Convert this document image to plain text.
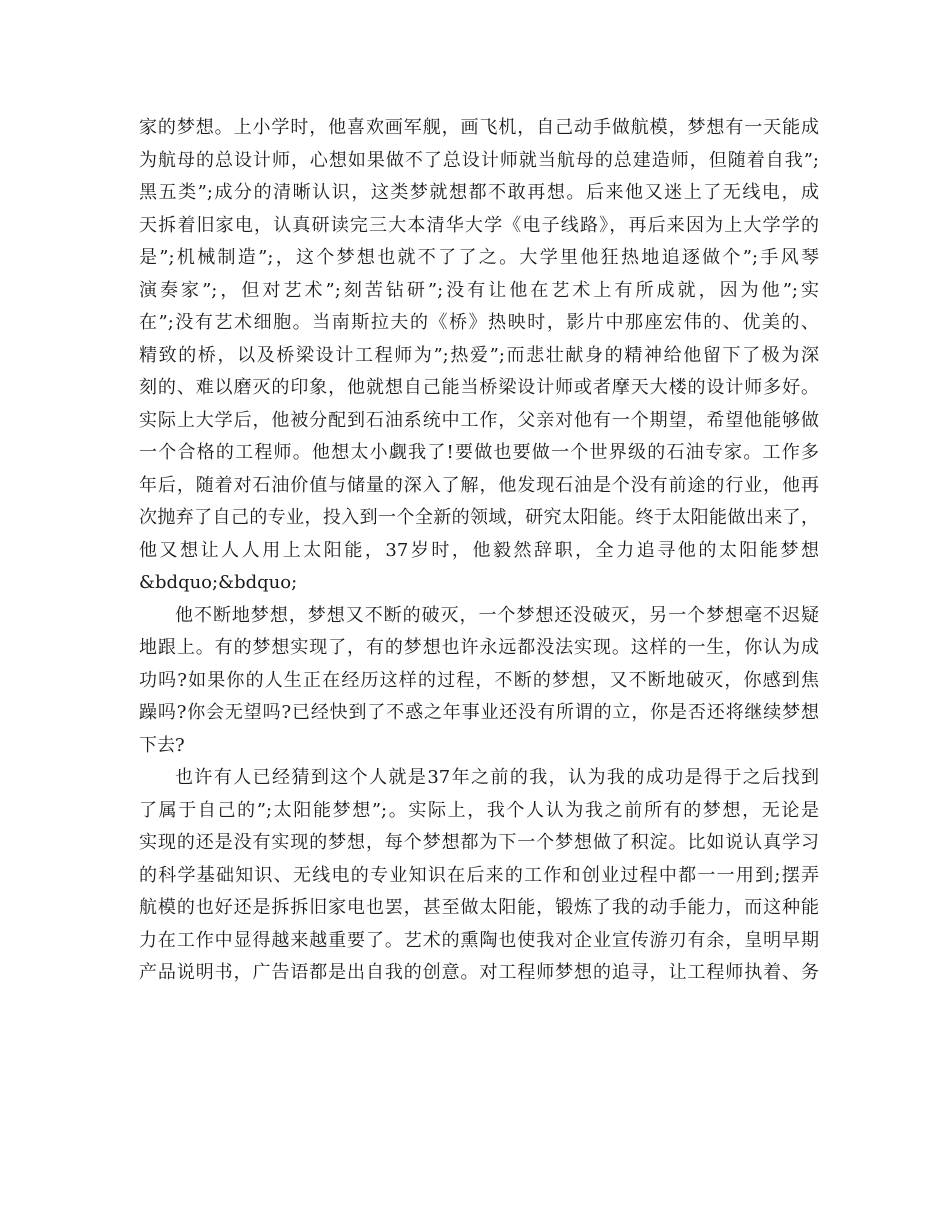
家的梦想。上小学时，他喜欢画军舰，画飞机，自己动手做航模，梦想有一天能成
为航母的总设计师，心想如果做不了总设计师就当航母的总建造师，但随着自我”;
黑五类”;成分的清晰认识，这类梦就想都不敢再想。后来他又迷上了无线电，成
天拆着旧家电，认真研读完三大本清华大学《电子线路》，再后来因为上大学学的
是”;机械制造”;，这个梦想也就不了了之。大学里他狂热地追逐做个”;手风琴
演奏家”;，但对艺术”;刻苦钻研”;没有让他在艺术上有所成就，因为他”;实
在”;没有艺术细胞。当南斯拉夫的《桥》热映时，影片中那座宏伟的、优美的、
精致的桥，以及桥梁设计工程师为”;热爱”;而悲壮献身的精神给他留下了极为深
刻的、难以磨灭的印象，他就想自己能当桥梁设计师或者摩天大楼的设计师多好。
实际上大学后，他被分配到石油系统中工作，父亲对他有一个期望，希望他能够做
一个合格的工程师。他想太小觑我了!要做也要做一个世界级的石油专家。工作多
年后，随着对石油价值与储量的深入了解，他发现石油是个没有前途的行业，他再
次抛弃了自己的专业，投入到一个全新的领域，研究太阳能。终于太阳能做出来了，
他又想让人人用上太阳能，37岁时，他毅然辞职，全力追寻他的太阳能梦想
&bdquo;&bdquo;
他不断地梦想，梦想又不断的破灭，一个梦想还没破灭，另一个梦想毫不迟疑
地跟上。有的梦想实现了，有的梦想也许永远都没法实现。这样的一生，你认为成
功吗?如果你的人生正在经历这样的过程，不断的梦想，又不断地破灭，你感到焦
躁吗?你会无望吗?已经快到了不惑之年事业还没有所谓的立，你是否还将继续梦想
下去?
也许有人已经猜到这个人就是37年之前的我，认为我的成功是得于之后找到
了属于自己的”;太阳能梦想”;。实际上，我个人认为我之前所有的梦想，无论是
实现的还是没有实现的梦想，每个梦想都为下一个梦想做了积淀。比如说认真学习
的科学基础知识、无线电的专业知识在后来的工作和创业过程中都一一用到;摆弄
航模的也好还是拆拆旧家电也罢，甚至做太阳能，锻炼了我的动手能力，而这种能
力在工作中显得越来越重要了。艺术的熏陶也使我对企业宣传游刃有余，皇明早期
产品说明书，广告语都是出自我的创意。对工程师梦想的追寻，让工程师执着、务
